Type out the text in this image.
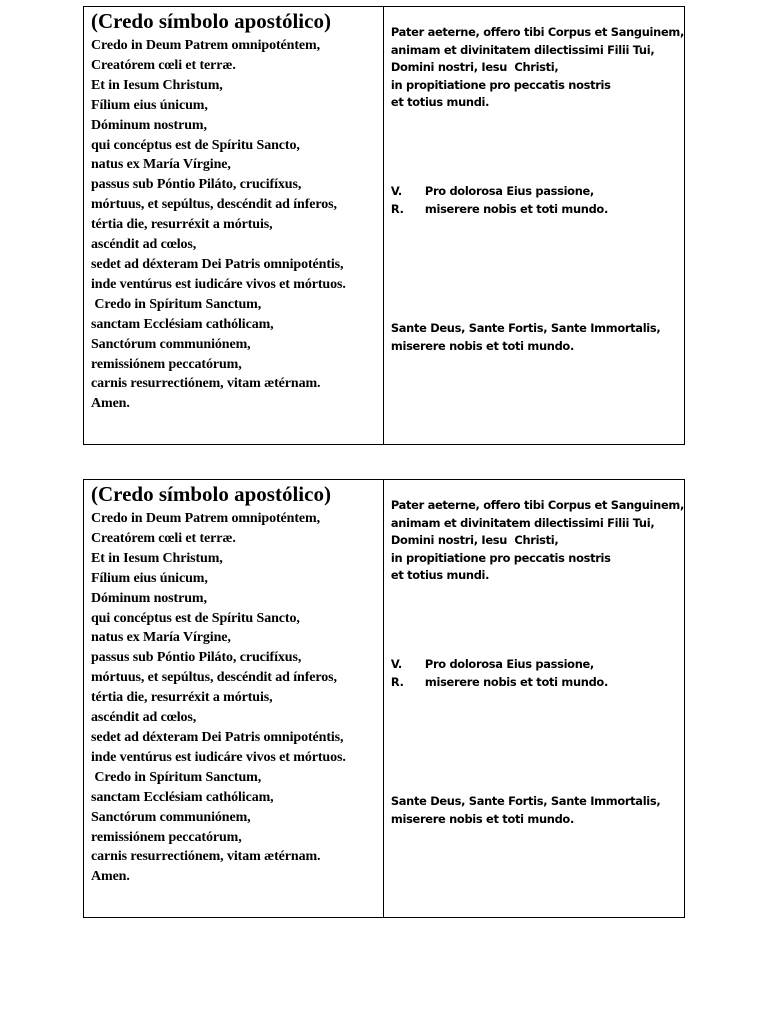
(Credo símbolo apostólico)
Credo in Deum Patrem omnipoténtem,
Creatórem cœli et terræ.
Et in Iesum Christum,
Fílium eius únicum,
Dóminum nostrum,
qui concéptus est de Spíritu Sancto,
natus ex María Vírgine,
passus sub Póntio Piláto, crucifíxus,
mórtuus, et sepúltus, descéndit ad ínferos,
tértia die, resurréxit a mórtuis,
ascéndit ad cœlos,
sedet ad déxteram Dei Patris omnipoténtis,
inde ventúrus est iudicáre vivos et mórtuos.
Credo in Spíritum Sanctum,
sanctam Ecclésiam cathólicam,
Sanctórum communiónem,
remissiónem peccatórum,
carnis resurrectiónem, vitam ætérnam.
Amen.

Pater aeterne, offero tibi Corpus et Sanguinem,

animam et divinitatem dilectissimi Filii Tui,

Domini nostri, Iesu  Christi,

in propitiatione pro peccatis nostris

et totius mundi.

V.	Pro dolorosa Eius passione,
R.	miserere nobis et toti mundo.

Sante Deus, Sante Fortis, Sante Immortalis,

miserere nobis et toti mundo.

(Credo símbolo apostólico)
Credo in Deum Patrem omnipoténtem,
Creatórem cœli et terræ.
Et in Iesum Christum,
Fílium eius únicum,
Dóminum nostrum,
qui concéptus est de Spíritu Sancto,
natus ex María Vírgine,
passus sub Póntio Piláto, crucifíxus,
mórtuus, et sepúltus, descéndit ad ínferos,
tértia die, resurréxit a mórtuis,
ascéndit ad cœlos,
sedet ad déxteram Dei Patris omnipoténtis,
inde ventúrus est iudicáre vivos et mórtuos.
Credo in Spíritum Sanctum,
sanctam Ecclésiam cathólicam,
Sanctórum communiónem,
remissiónem peccatórum,
carnis resurrectiónem, vitam ætérnam.
Amen.

Pater aeterne, offero tibi Corpus et Sanguinem,

animam et divinitatem dilectissimi Filii Tui,

Domini nostri, Iesu  Christi,

in propitiatione pro peccatis nostris

et totius mundi.

V.	Pro dolorosa Eius passione,
R.	miserere nobis et toti mundo.

Sante Deus, Sante Fortis, Sante Immortalis,

miserere nobis et toti mundo.
